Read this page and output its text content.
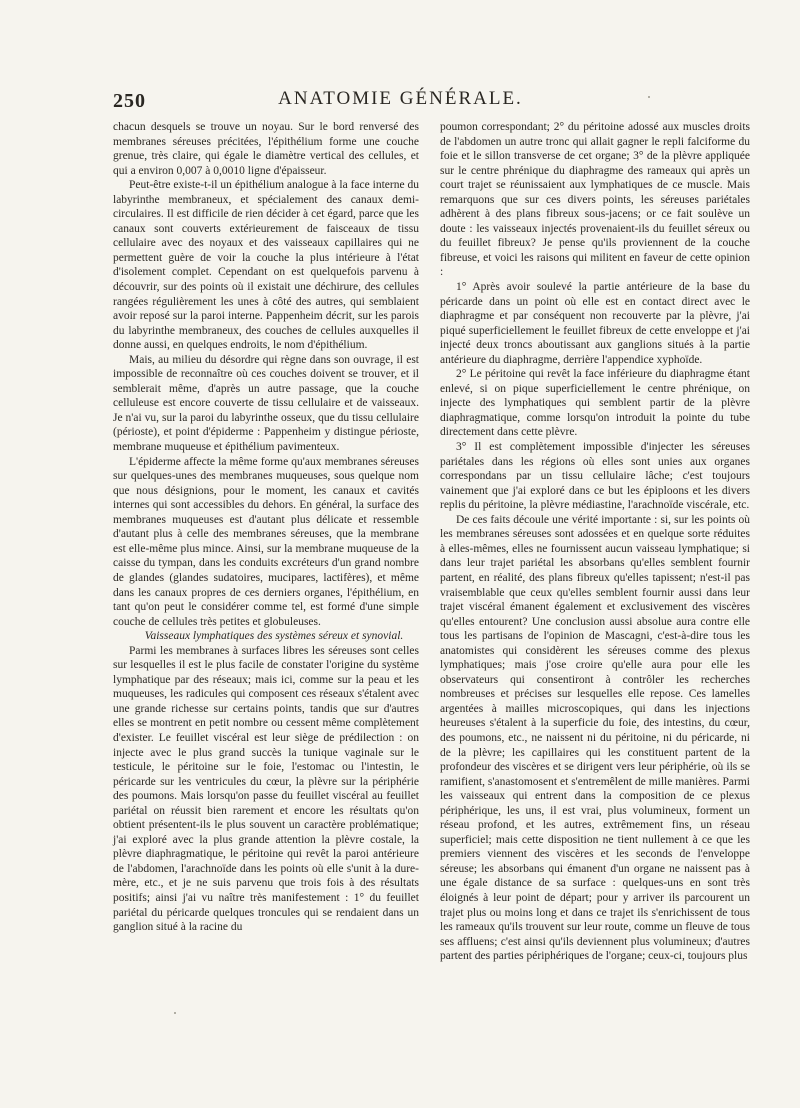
250	ANATOMIE GÉNÉRALE.

chacun desquels se trouve un noyau. Sur le bord renversé des membranes séreuses précitées, l'épithélium forme une couche grenue, très claire, qui égale le diamètre vertical des cellules, et qui a environ 0,007 à 0,0010 ligne d'épaisseur.

Peut-être existe-t-il un épithélium analogue à la face interne du labyrinthe membraneux, et spécialement des canaux demi-circulaires. Il est difficile de rien décider à cet égard, parce que les canaux sont couverts extérieurement de faisceaux de tissu cellulaire avec des noyaux et des vaisseaux capillaires qui ne permettent guère de voir la couche la plus intérieure à l'état d'isolement complet. Cependant on est quelquefois parvenu à découvrir, sur des points où il existait une déchirure, des cellules rangées régulièrement les unes à côté des autres, qui semblaient avoir reposé sur la paroi interne. Pappenheim décrit, sur les parois du labyrinthe membraneux, des couches de cellules auxquelles il donne aussi, en quelques endroits, le nom d'épithélium.

Mais, au milieu du désordre qui règne dans son ouvrage, il est impossible de reconnaître où ces couches doivent se trouver, et il semblerait même, d'après un autre passage, que la couche celluleuse est encore couverte de tissu cellulaire et de vaisseaux. Je n'ai vu, sur la paroi du labyrinthe osseux, que du tissu cellulaire (périoste), et point d'épiderme : Pappenheim y distingue périoste, membrane muqueuse et épithélium pavimenteux.

L'épiderme affecte la même forme qu'aux membranes séreuses sur quelques-unes des membranes muqueuses, sous quelque nom que nous désignions, pour le moment, les canaux et cavités internes qui sont accessibles du dehors. En général, la surface des membranes muqueuses est d'autant plus délicate et ressemble d'autant plus à celle des membranes séreuses, que la membrane est elle-même plus mince. Ainsi, sur la membrane muqueuse de la caisse du tympan, dans les conduits excréteurs d'un grand nombre de glandes (glandes sudatoires, mucipares, lactifères), et même dans les canaux propres de ces derniers organes, l'épithélium, en tant qu'on peut le considérer comme tel, est formé d'une simple couche de cellules très petites et globuleuses.

Vaisseaux lymphatiques des systèmes séreux et synovial.

Parmi les membranes à surfaces libres les séreuses sont celles sur lesquelles il est le plus facile de constater l'origine du système lymphatique par des réseaux; mais ici, comme sur la peau et les muqueuses, les radicules qui composent ces réseaux s'étalent avec une grande richesse sur certains points, tandis que sur d'autres elles se montrent en petit nombre ou cessent même complètement d'exister. Le feuillet viscéral est leur siège de prédilection : on injecte avec le plus grand succès la tunique vaginale sur le testicule, le péritoine sur le foie, l'estomac ou l'intestin, le péricarde sur les ventricules du cœur, la plèvre sur la périphérie des poumons. Mais lorsqu'on passe du feuillet viscéral au feuillet pariétal on réussit bien rarement et encore les résultats qu'on obtient présentent-ils le plus souvent un caractère problématique; j'ai exploré avec la plus grande attention la plèvre costale, la plèvre diaphragmatique, le péritoine qui revêt la paroi antérieure de l'abdomen, l'arachnoïde dans les points où elle s'unit à la dure-mère, etc., et je ne suis parvenu que trois fois à des résultats positifs; ainsi j'ai vu naître très manifestement : 1° du feuillet pariétal du péricarde quelques troncules qui se rendaient dans un ganglion situé à la racine du

poumon correspondant; 2° du péritoine adossé aux muscles droits de l'abdomen un autre tronc qui allait gagner le repli falciforme du foie et le sillon transverse de cet organe; 3° de la plèvre appliquée sur le centre phrénique du diaphragme des rameaux qui après un court trajet se réunissaient aux lymphatiques de ce muscle. Mais remarquons que sur ces divers points, les séreuses pariétales adhèrent à des plans fibreux sous-jacens; or ce fait soulève un doute : les vaisseaux injectés provenaient-ils du feuillet séreux ou du feuillet fibreux? Je pense qu'ils proviennent de la couche fibreuse, et voici les raisons qui militent en faveur de cette opinion :

1° Après avoir soulevé la partie antérieure de la base du péricarde dans un point où elle est en contact direct avec le diaphragme et par conséquent non recouverte par la plèvre, j'ai piqué superficiellement le feuillet fibreux de cette enveloppe et j'ai injecté deux troncs aboutissant aux ganglions situés à la partie antérieure du diaphragme, derrière l'appendice xyphoïde.

2° Le péritoine qui revêt la face inférieure du diaphragme étant enlevé, si on pique superficiellement le centre phrénique, on injecte des lymphatiques qui semblent partir de la plèvre diaphragmatique, comme lorsqu'on introduit la pointe du tube directement dans cette plèvre.

3° Il est complètement impossible d'injecter les séreuses pariétales dans les régions où elles sont unies aux organes correspondans par un tissu cellulaire lâche; c'est toujours vainement que j'ai exploré dans ce but les épiploons et les divers replis du péritoine, la plèvre médiastine, l'arachnoïde viscérale, etc.

De ces faits découle une vérité importante : si, sur les points où les membranes séreuses sont adossées et en quelque sorte réduites à elles-mêmes, elles ne fournissent aucun vaisseau lymphatique; si dans leur trajet pariétal les absorbans qu'elles semblent fournir partent, en réalité, des plans fibreux qu'elles tapissent; n'est-il pas vraisemblable que ceux qu'elles semblent fournir aussi dans leur trajet viscéral émanent également et exclusivement des viscères qu'elles entourent? Une conclusion aussi absolue aura contre elle tous les partisans de l'opinion de Mascagni, c'est-à-dire tous les anatomistes qui considèrent les séreuses comme des plexus lymphatiques; mais j'ose croire qu'elle aura pour elle les observateurs qui consentiront à contrôler les recherches nombreuses et précises sur lesquelles elle repose. Ces lamelles argentées à mailles microscopiques, qui dans les injections heureuses s'étalent à la superficie du foie, des intestins, du cœur, des poumons, etc., ne naissent ni du péritoine, ni du péricarde, ni de la plèvre; les capillaires qui les constituent partent de la profondeur des viscères et se dirigent vers leur périphérie, où ils se ramifient, s'anastomosent et s'entremêlent de mille manières. Parmi les vaisseaux qui entrent dans la composition de ce plexus périphérique, les uns, il est vrai, plus volumineux, forment un réseau profond, et les autres, extrêmement fins, un réseau superficiel; mais cette disposition ne tient nullement à ce que les premiers viennent des viscères et les seconds de l'enveloppe séreuse; les absorbans qui émanent d'un organe ne naissent pas à une égale distance de sa surface : quelques-uns en sont très éloignés à leur point de départ; pour y arriver ils parcourent un trajet plus ou moins long et dans ce trajet ils s'enrichissent de tous les rameaux qu'ils trouvent sur leur route, comme un fleuve de tous ses affluens; c'est ainsi qu'ils deviennent plus volumineux; d'autres partent des parties périphériques de l'organe; ceux-ci, toujours plus
